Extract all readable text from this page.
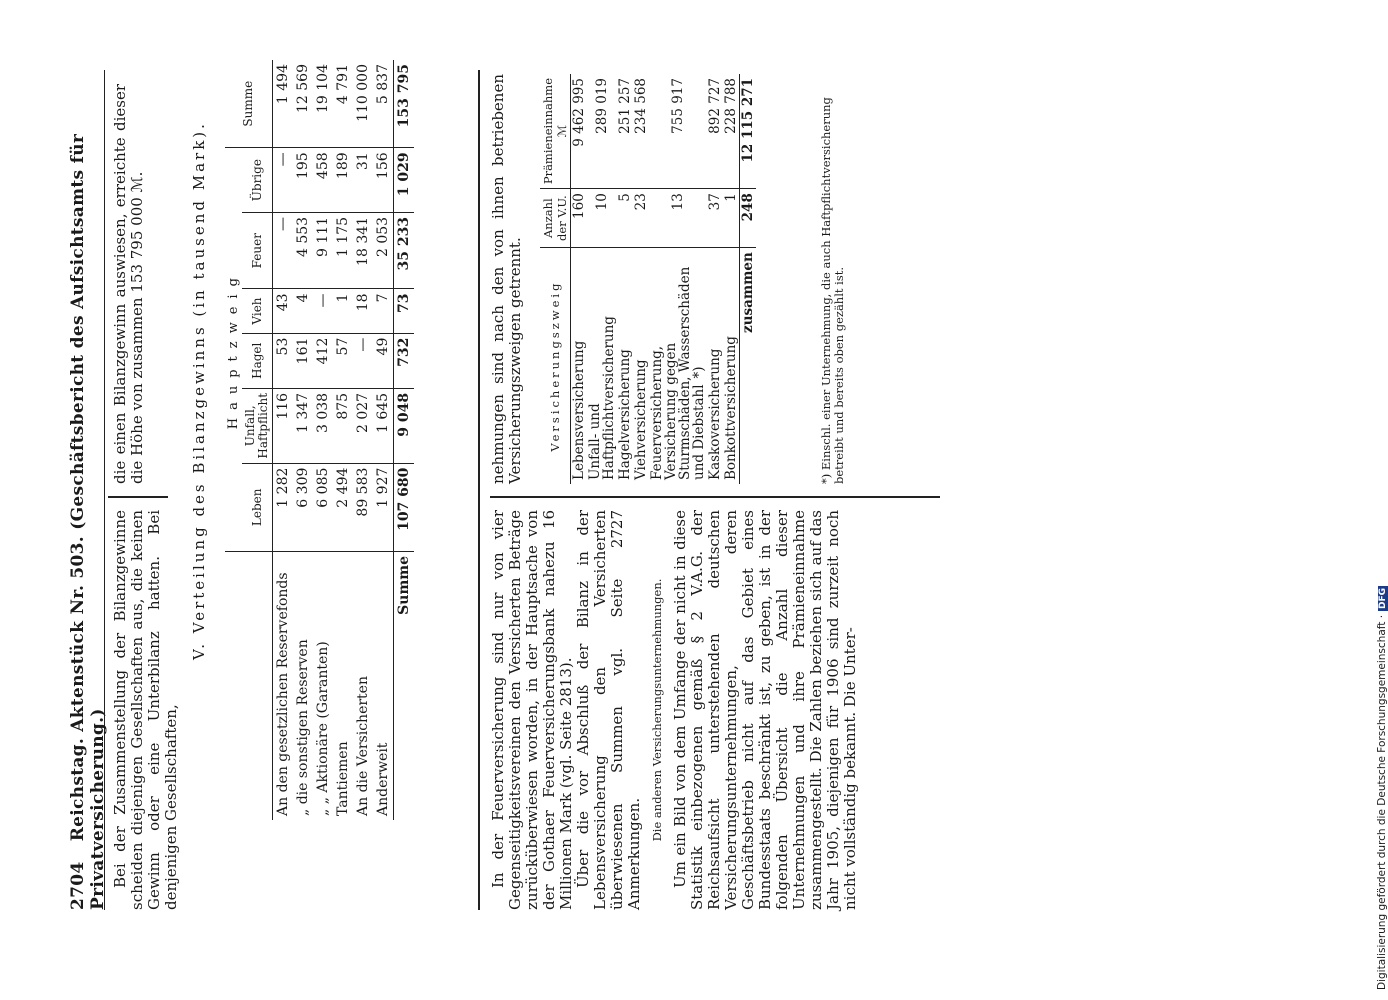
2704 Reichstag. Aktenstück Nr. 503. (Geschäftsbericht des Aufsichtsamts für Privatversicherung.) Bei der Zusammenstellung der Bilanzgewinne scheiden diejenigen Gesellschaften aus, die keinen Gewinn oder eine Unterbilanz hatten. Bei denjenigen Gesellschaften,

die einen Bilanzgewinn auswiesen, erreichte dieser die Höhe von zusammen 153 795 000 ℳ.	V. Verteilung des Bilanzgewinns (in tausend Mark).
	Hauptzweig						Summe
	Leben	Unfall, Haftpflicht	Hagel	Vieh	Feuer	Übrige	
An den gesetzlichen Reservefonds	1 282	116	53	43	—	—	1 494
„ die sonstigen Reserven	6 309	1 347	161	4	4 553	195	12 569
„ „ Aktionäre (Garanten)	6 085	3 038	412	—	9 111	458	19 104
Tantiemen	2 494	875	57	1	1 175	189	4 791
An die Versicherten	89 583	2 027	—	18	18 341	31	110 000
Anderweit	1 927	1 645	49	7	2 053	156	5 837
Summe	107 680	9 048	732	73	35 233	1 029	153 795

In der Feuerversicherung sind nur von vier Gegenseitigkeitsvereinen den Versicherten Beträge zurücküberwiesen worden, in der Hauptsache von der Gothaer Feuerversicherungsbank nahezu 16 Millionen Mark (vgl. Seite 2813). Über die vor Abschluß der Bilanz in der Lebensversicherung den Versicherten überwiesenen Summen vgl. Seite 2727 Anmerkungen.

Die anderen Versicherungsunternehmungen. Um ein Bild von dem Umfange der nicht in diese Statistik einbezogenen gemäß § 2 V.A.G. der Reichsaufsicht unterstehenden deutschen Versicherungsunternehmungen, deren Geschäftsbetrieb nicht auf das Gebiet eines Bundesstaats beschränkt ist, zu geben, ist in der folgenden Übersicht die Anzahl dieser Unternehmungen und ihre Prämieneinnahme zusammengestellt. Die Zahlen beziehen sich auf das Jahr 1905, diejenigen für 1906 sind zurzeit noch nicht vollständig bekannt. Die Unter-

nehmungen sind nach den von ihnen betriebenen Versicherungszweigen getrennt. Versicherungszweig	Anzahl der V.U.	Prämieneinnahme ℳ
Lebensversicherung	160	9 462 995
Unfall- und Haftpflichtversicherung	10	289 019
Hagelversicherung	5	251 257
Viehversicherung	23	234 568
Feuerversicherung, Versicherung gegen Sturmschäden, Wasserschäden und Diebstahl*)	13	755 917
Kaskoversicherung	37	892 727
Bonkottversicherung	1	228 788
zusammen	248	12 115 271	*) Einschl. einer Unternehmung, die auch Haftpflichtversicherung betreibt und bereits oben gezählt ist.
Digitalisierung gefördert durch die Deutsche Forschungsgemeinschaft ·DFG
